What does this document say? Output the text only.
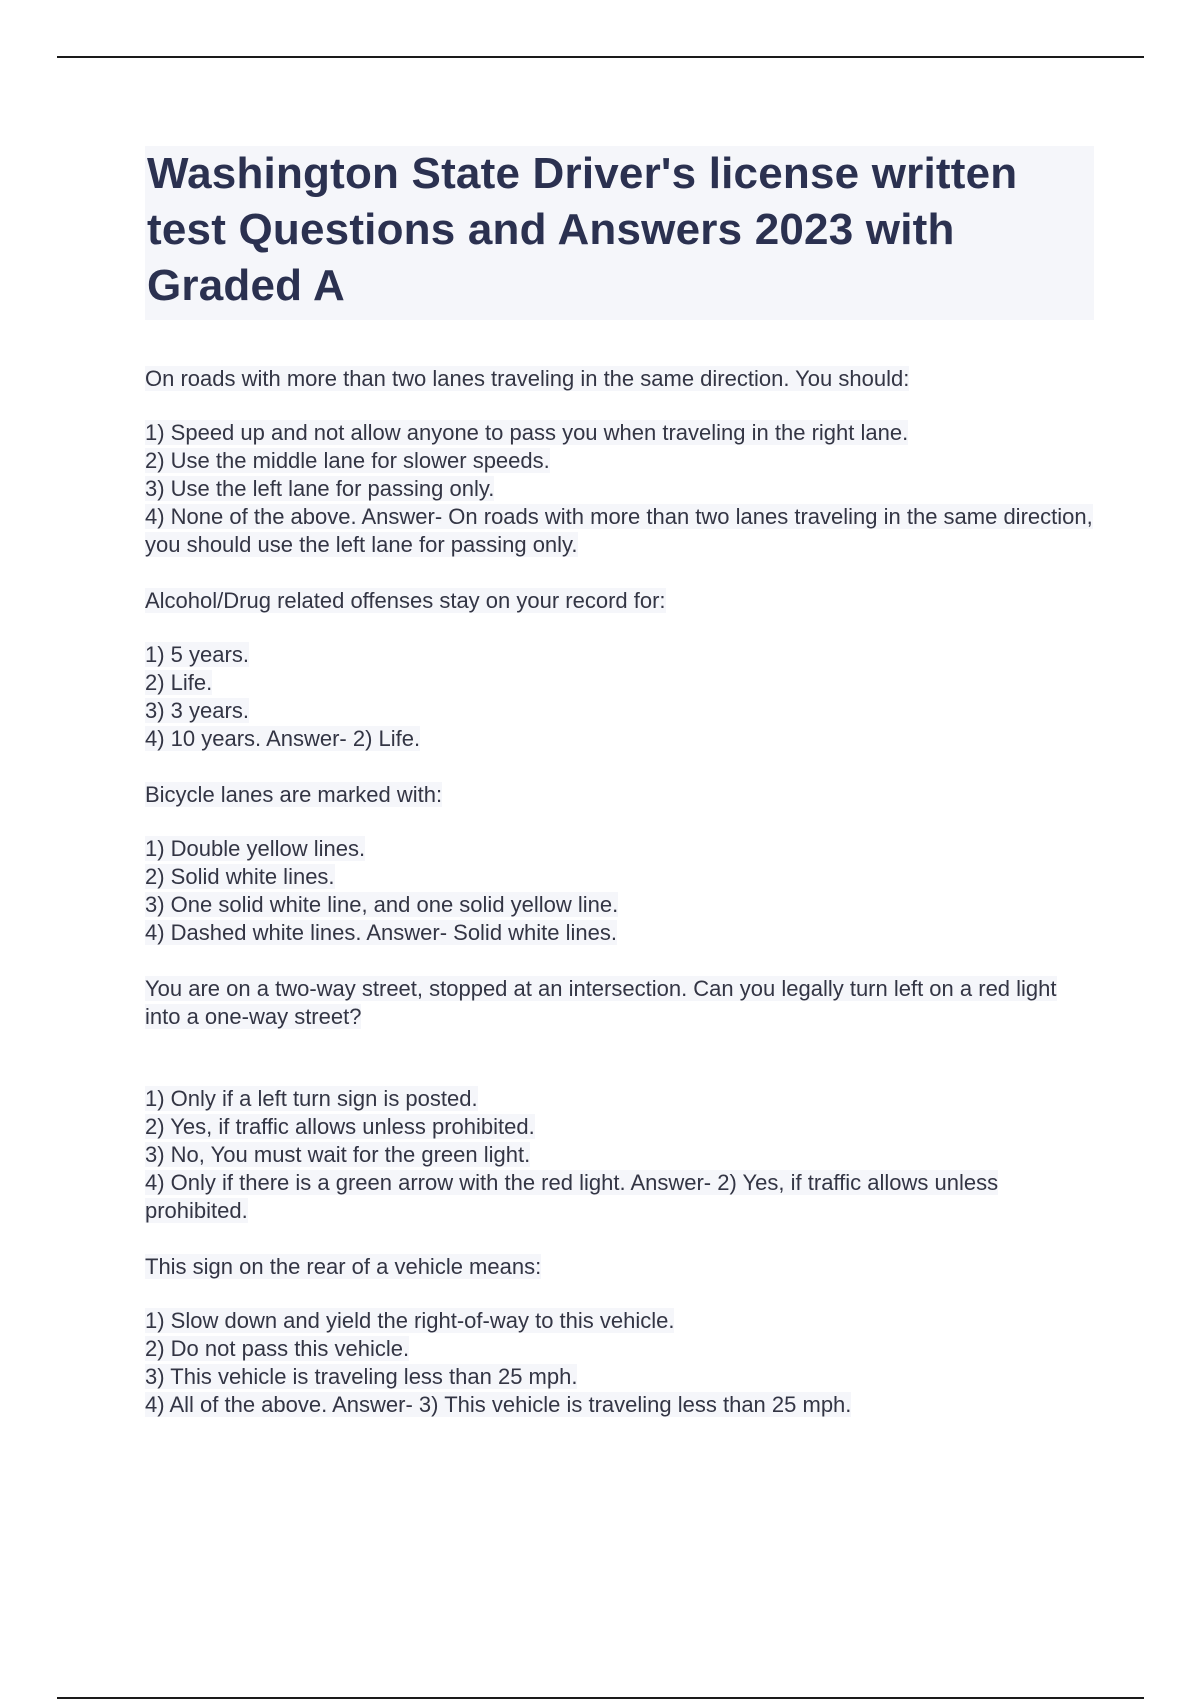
Washington State Driver's license written test Questions and Answers 2023 with Graded A

On roads with more than two lanes traveling in the same direction. You should:

1) Speed up and not allow anyone to pass you when traveling in the right lane.
2) Use the middle lane for slower speeds.
3) Use the left lane for passing only.
4) None of the above. Answer- On roads with more than two lanes traveling in the same direction, you should use the left lane for passing only.

Alcohol/Drug related offenses stay on your record for:

1) 5 years.
2) Life.
3) 3 years.
4) 10 years. Answer- 2) Life.

Bicycle lanes are marked with:

1) Double yellow lines.
2) Solid white lines.
3) One solid white line, and one solid yellow line.
4) Dashed white lines. Answer- Solid white lines.

You are on a two-way street, stopped at an intersection. Can you legally turn left on a red light into a one-way street?

1) Only if a left turn sign is posted.
2) Yes, if traffic allows unless prohibited.
3) No, You must wait for the green light.
4) Only if there is a green arrow with the red light. Answer- 2) Yes, if traffic allows unless prohibited.

This sign on the rear of a vehicle means:

1) Slow down and yield the right-of-way to this vehicle.
2) Do not pass this vehicle.
3) This vehicle is traveling less than 25 mph.
4) All of the above. Answer- 3) This vehicle is traveling less than 25 mph.
